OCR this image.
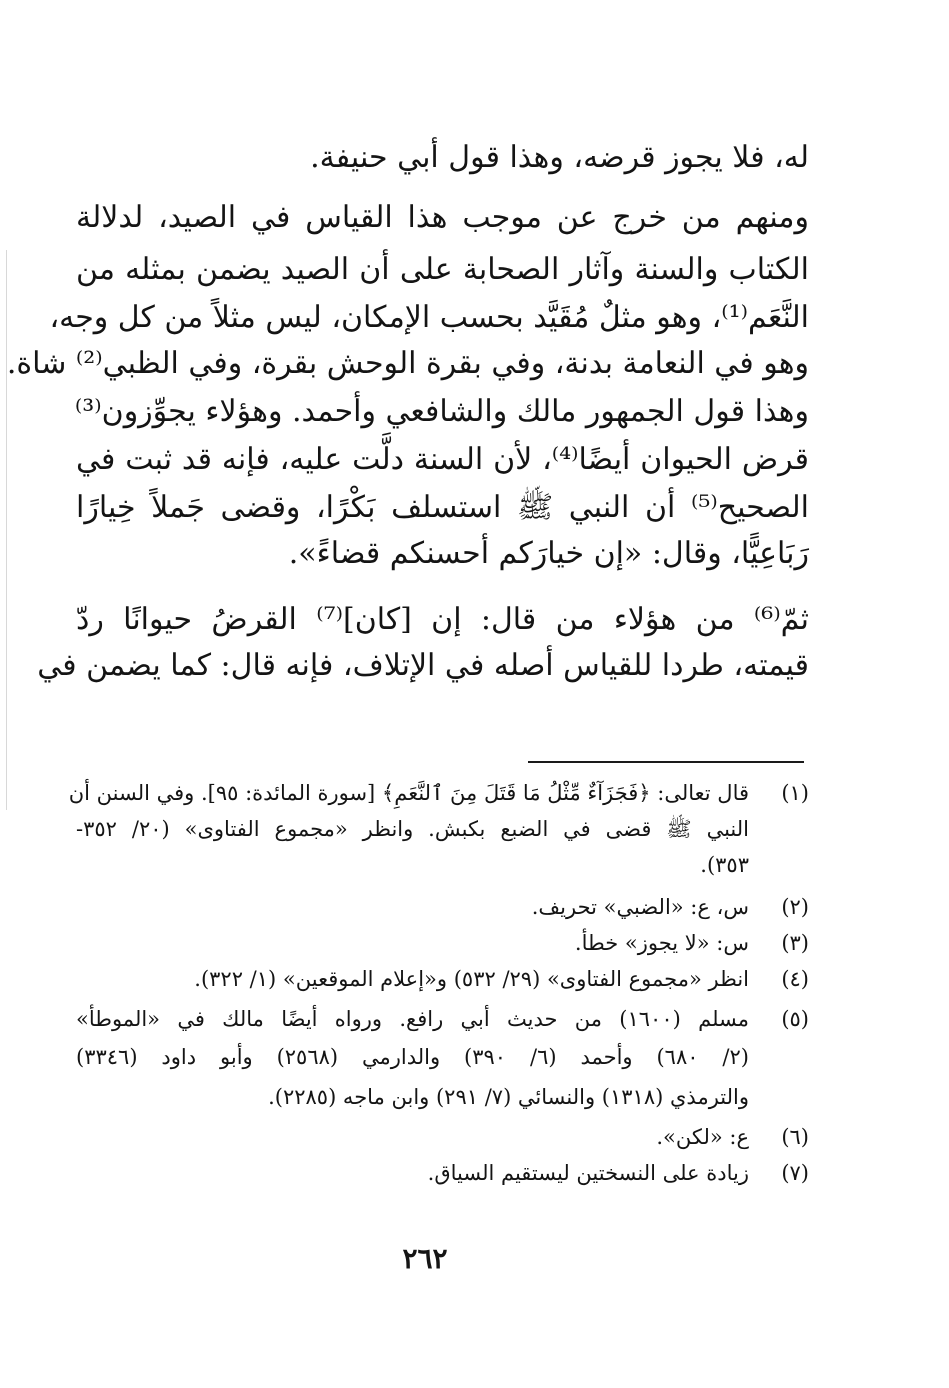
له، فلا يجوز قرضه، وهذا قول أبي حنيفة.
ومنهم من خرج عن موجب هذا القياس في الصيد، لدلالة
الكتاب والسنة وآثار الصحابة على أن الصيد يضمن بمثله من
النَّعَم⁽¹⁾، وهو مثلٌ مُقَيَّد بحسب الإمكان، ليس مثلاً من كل وجه،
وهو في النعامة بدنة، وفي بقرة الوحش بقرة، وفي الظبي⁽²⁾ شاة.
وهذا قول الجمهور مالك والشافعي وأحمد. وهؤلاء يجوِّزون⁽³⁾
قرض الحيوان أيضًا⁽⁴⁾، لأن السنة دلَّت عليه، فإنه قد ثبت في
الصحيح⁽⁵⁾ أن النبي ﷺ استسلف بَكْرًا، وقضى جَملاً خِيارًا
رَبَاعِيًّا، وقال: «إن خيارَكم أحسنكم قضاءً».
ثمّ⁽⁶⁾ من هؤلاء من قال: إن [كان]⁽⁷⁾ القرضُ حيوانًا ردّ
قيمته، طردا للقياس أصله في الإتلاف، فإنه قال: كما يضمن في
(١)
قال تعالى: ﴿فَجَزَآءٌ مِّثْلُ مَا قَتَلَ مِنَ ٱلنَّعَمِ﴾ [سورة المائدة: ٩٥]. وفي السنن أن
النبي ﷺ قضى في الضبع بكبش. وانظر «مجموع الفتاوى» (٢٠/ ٣٥٢-
٣٥٣).
(٢)
س، ع: «الضبي» تحريف.
(٣)
س: «لا يجوز» خطأ.
(٤)
انظر «مجموع الفتاوى» (٢٩/ ٥٣٢) و«إعلام الموقعين» (١/ ٣٢٢).
(٥)
مسلم (١٦٠٠) من حديث أبي رافع. ورواه أيضًا مالك في «الموطأ»
(٢/ ٦٨٠) وأحمد (٦/ ٣٩٠) والدارمي (٢٥٦٨) وأبو داود (٣٣٤٦)
والترمذي (١٣١٨) والنسائي (٧/ ٢٩١) وابن ماجه (٢٢٨٥).
(٦)
ع: «لكن».
(٧)
زيادة على النسختين ليستقيم السياق.
٢٦٢
